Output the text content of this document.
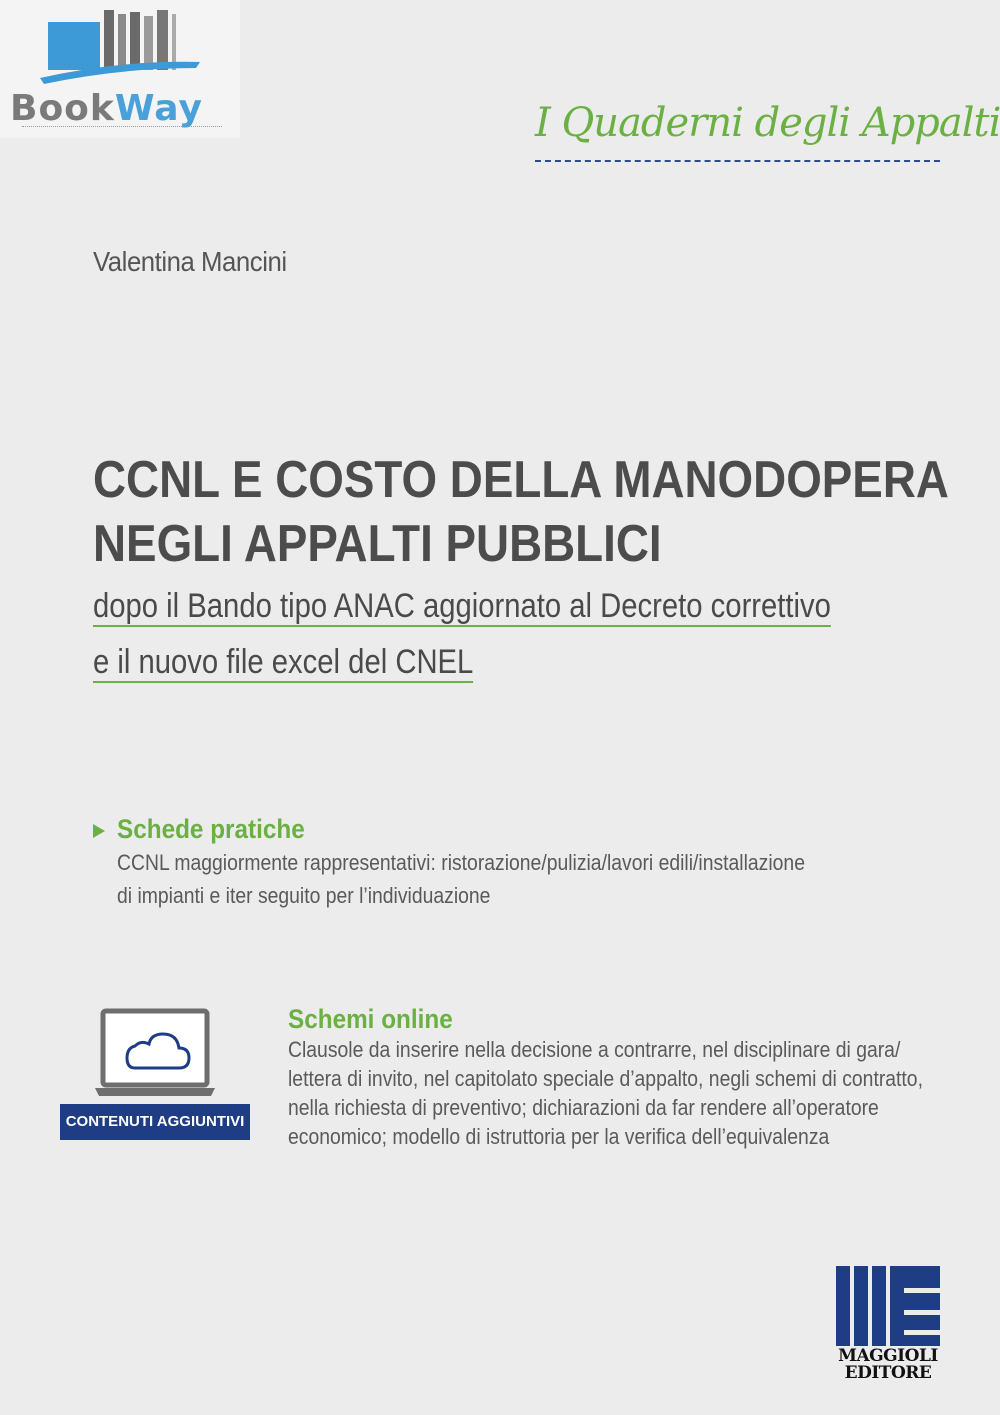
BookWay	I Quaderni degli Appalti
Valentina Mancini
CCNL E COSTO DELLA MANODOPERA
NEGLI APPALTI PUBBLICI
dopo il Bando tipo ANAC aggiornato al Decreto correttivo
e il nuovo file excel del CNEL
Schede pratiche
CCNL maggiormente rappresentativi: ristorazione/pulizia/lavori edili/installazione
di impianti e iter seguito per l’individuazione
CONTENUTI AGGIUNTIVI
Schemi online
Clausole da inserire nella decisione a contrarre, nel disciplinare di gara/
lettera di invito, nel capitolato speciale d’appalto, negli schemi di contratto,
nella richiesta di preventivo; dichiarazioni da far rendere all’operatore
economico; modello di istruttoria per la verifica dell’equivalenza
MAGGIOLI
EDITORE
